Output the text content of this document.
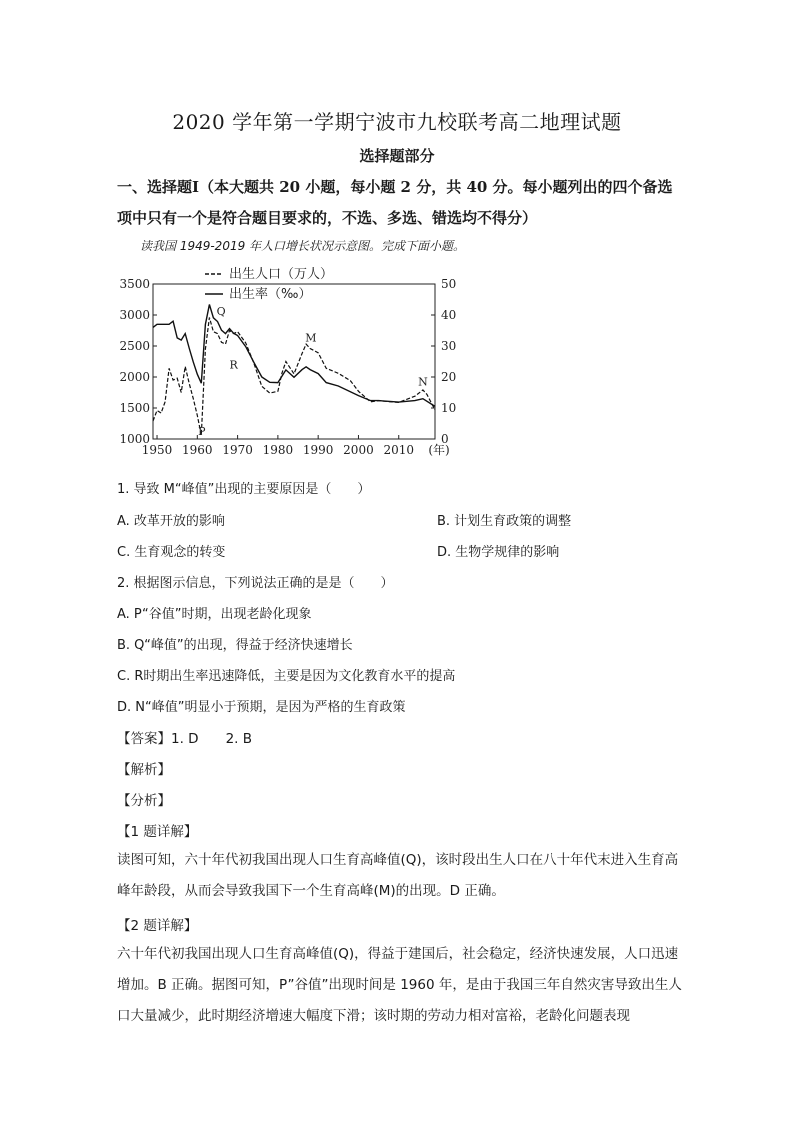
2020 学年第一学期宁波市九校联考高二地理试题
选择题部分
一、选择题Ⅰ（本大题共 20 小题，每小题 2 分，共 40 分。每小题列出的四个备选
项中只有一个是符合题目要求的，不选、多选、错选均不得分）
读我国 1949-2019 年人口增长状况示意图。完成下面小题。
3500
3000
2500
2000
1500
1000
50
40
30
20
10
0
1950 1960 1970 1980 1990 2000 2010 (年)
出生人口（万人）
出生率（‰）
Q
P
R
M
N
1. 导致 M“峰值”出现的主要原因是（　　）
A. 改革开放的影响	B. 计划生育政策的调整
C. 生育观念的转变	D. 生物学规律的影响
2. 根据图示信息，下列说法正确的是是（　　）
A. P“谷值”时期，出现老龄化现象
B. Q“峰值”的出现，得益于经济快速增长
C. R时期出生率迅速降低，主要是因为文化教育水平的提高
D. N“峰值”明显小于预期，是因为严格的生育政策
【答案】1. D　　2. B
【解析】
【分析】
【1 题详解】
读图可知，六十年代初我国出现人口生育高峰值(Q)，该时段出生人口在八十年代末进入生育高峰年龄段，从而会导致我国下一个生育高峰(M)的出现。D 正确。
【2 题详解】
六十年代初我国出现人口生育高峰值(Q)，得益于建国后，社会稳定，经济快速发展，人口迅速增加。B 正确。据图可知，P”谷值”出现时间是 1960 年，是由于我国三年自然灾害导致出生人口大量减少，此时期经济增速大幅度下滑；该时期的劳动力相对富裕，老龄化问题表现
